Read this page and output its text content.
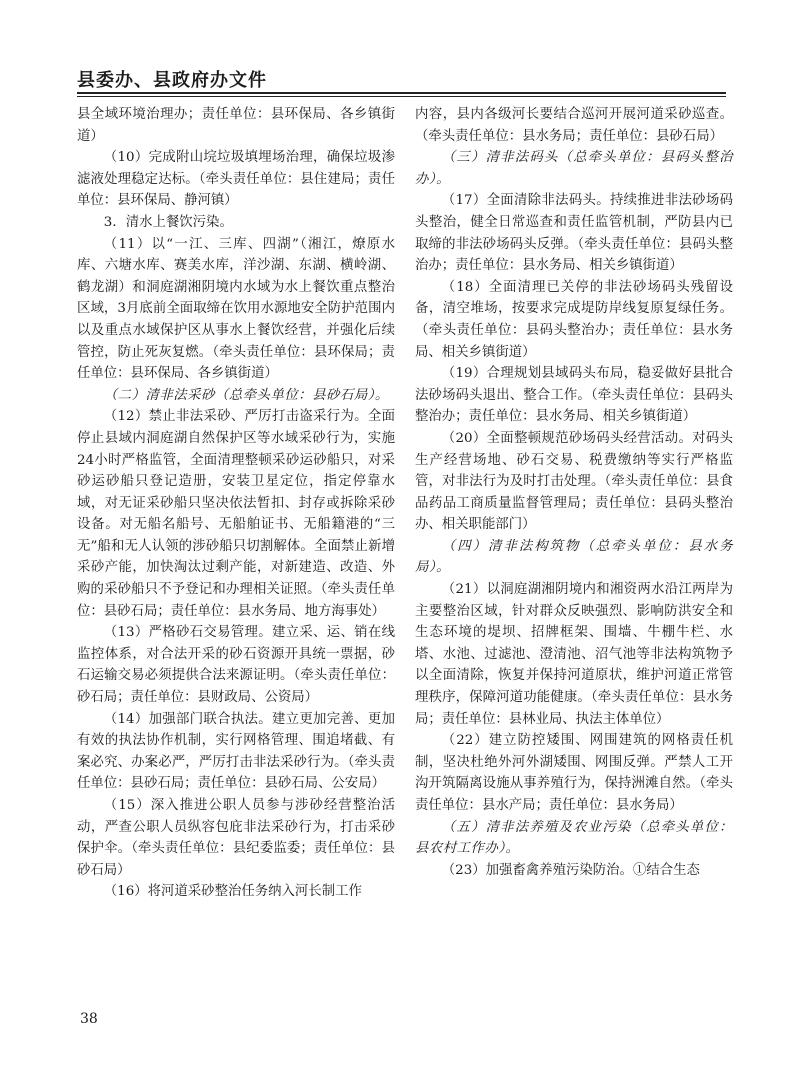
县委办、县政府办文件

县全域环境治理办；责任单位：县环保局、各乡镇街道）

（10）完成附山垸垃圾填埋场治理，确保垃圾渗滤液处理稳定达标。（牵头责任单位：县住建局；责任单位：县环保局、静河镇）

3．清水上餐饮污染。

（11）以“一江、三库、四湖”（湘江，燎原水库、六塘水库、赛美水库，洋沙湖、东湖、横岭湖、鹤龙湖）和洞庭湖湘阴境内水域为水上餐饮重点整治区域，3月底前全面取缔在饮用水源地安全防护范围内以及重点水域保护区从事水上餐饮经营，并强化后续管控，防止死灰复燃。（牵头责任单位：县环保局；责任单位：县环保局、各乡镇街道）

（二）清非法采砂（总牵头单位：县砂石局）。

（12）禁止非法采砂、严厉打击盗采行为。全面停止县域内洞庭湖自然保护区等水域采砂行为，实施24小时严格监管，全面清理整顿采砂运砂船只，对采砂运砂船只登记造册，安装卫星定位，指定停靠水域，对无证采砂船只坚决依法暂扣、封存或拆除采砂设备。对无船名船号、无船舶证书、无船籍港的“三无”船和无人认领的涉砂船只切割解体。全面禁止新增采砂产能，加快淘汰过剩产能，对新建造、改造、外购的采砂船只不予登记和办理相关证照。（牵头责任单位：县砂石局；责任单位：县水务局、地方海事处）

（13）严格砂石交易管理。建立采、运、销在线监控体系，对合法开采的砂石资源开具统一票据，砂石运输交易必须提供合法来源证明。（牵头责任单位：砂石局；责任单位：县财政局、公资局）

（14）加强部门联合执法。建立更加完善、更加有效的执法协作机制，实行网格管理、围追堵截、有案必究、办案必严，严厉打击非法采砂行为。（牵头责任单位：县砂石局；责任单位：县砂石局、公安局）

（15）深入推进公职人员参与涉砂经营整治活动，严查公职人员纵容包庇非法采砂行为，打击采砂保护伞。（牵头责任单位：县纪委监委；责任单位：县砂石局）

（16）将河道采砂整治任务纳入河长制工作

内容，县内各级河长要结合巡河开展河道采砂巡查。（牵头责任单位：县水务局；责任单位：县砂石局）

（三）清非法码头（总牵头单位：县码头整治办）。

（17）全面清除非法码头。持续推进非法砂场码头整治，健全日常巡查和责任监管机制，严防县内已取缔的非法砂场码头反弹。（牵头责任单位：县码头整治办；责任单位：县水务局、相关乡镇街道）

（18）全面清理已关停的非法砂场码头残留设备，清空堆场，按要求完成堤防岸线复原复绿任务。（牵头责任单位：县码头整治办；责任单位：县水务局、相关乡镇街道）

（19）合理规划县域码头布局，稳妥做好县批合法砂场码头退出、整合工作。（牵头责任单位：县码头整治办；责任单位：县水务局、相关乡镇街道）

（20）全面整顿规范砂场码头经营活动。对码头生产经营场地、砂石交易、税费缴纳等实行严格监管，对非法行为及时打击处理。（牵头责任单位：县食品药品工商质量监督管理局；责任单位：县码头整治办、相关职能部门）

（四）清非法构筑物（总牵头单位：县水务局）。

（21）以洞庭湖湘阴境内和湘资两水沿江两岸为主要整治区域，针对群众反映强烈、影响防洪安全和生态环境的堤坝、招牌框架、围墙、牛棚牛栏、水塔、水池、过滤池、澄清池、沼气池等非法构筑物予以全面清除，恢复并保持河道原状，维护河道正常管理秩序，保障河道功能健康。（牵头责任单位：县水务局；责任单位：县林业局、执法主体单位）

（22）建立防控矮围、网围建筑的网格责任机制，坚决杜绝外河外湖矮围、网围反弹。严禁人工开沟开筑隔离设施从事养殖行为，保持洲滩自然。（牵头责任单位：县水产局；责任单位：县水务局）

（五）清非法养殖及农业污染（总牵头单位：县农村工作办）。

（23）加强畜禽养殖污染防治。①结合生态

38
